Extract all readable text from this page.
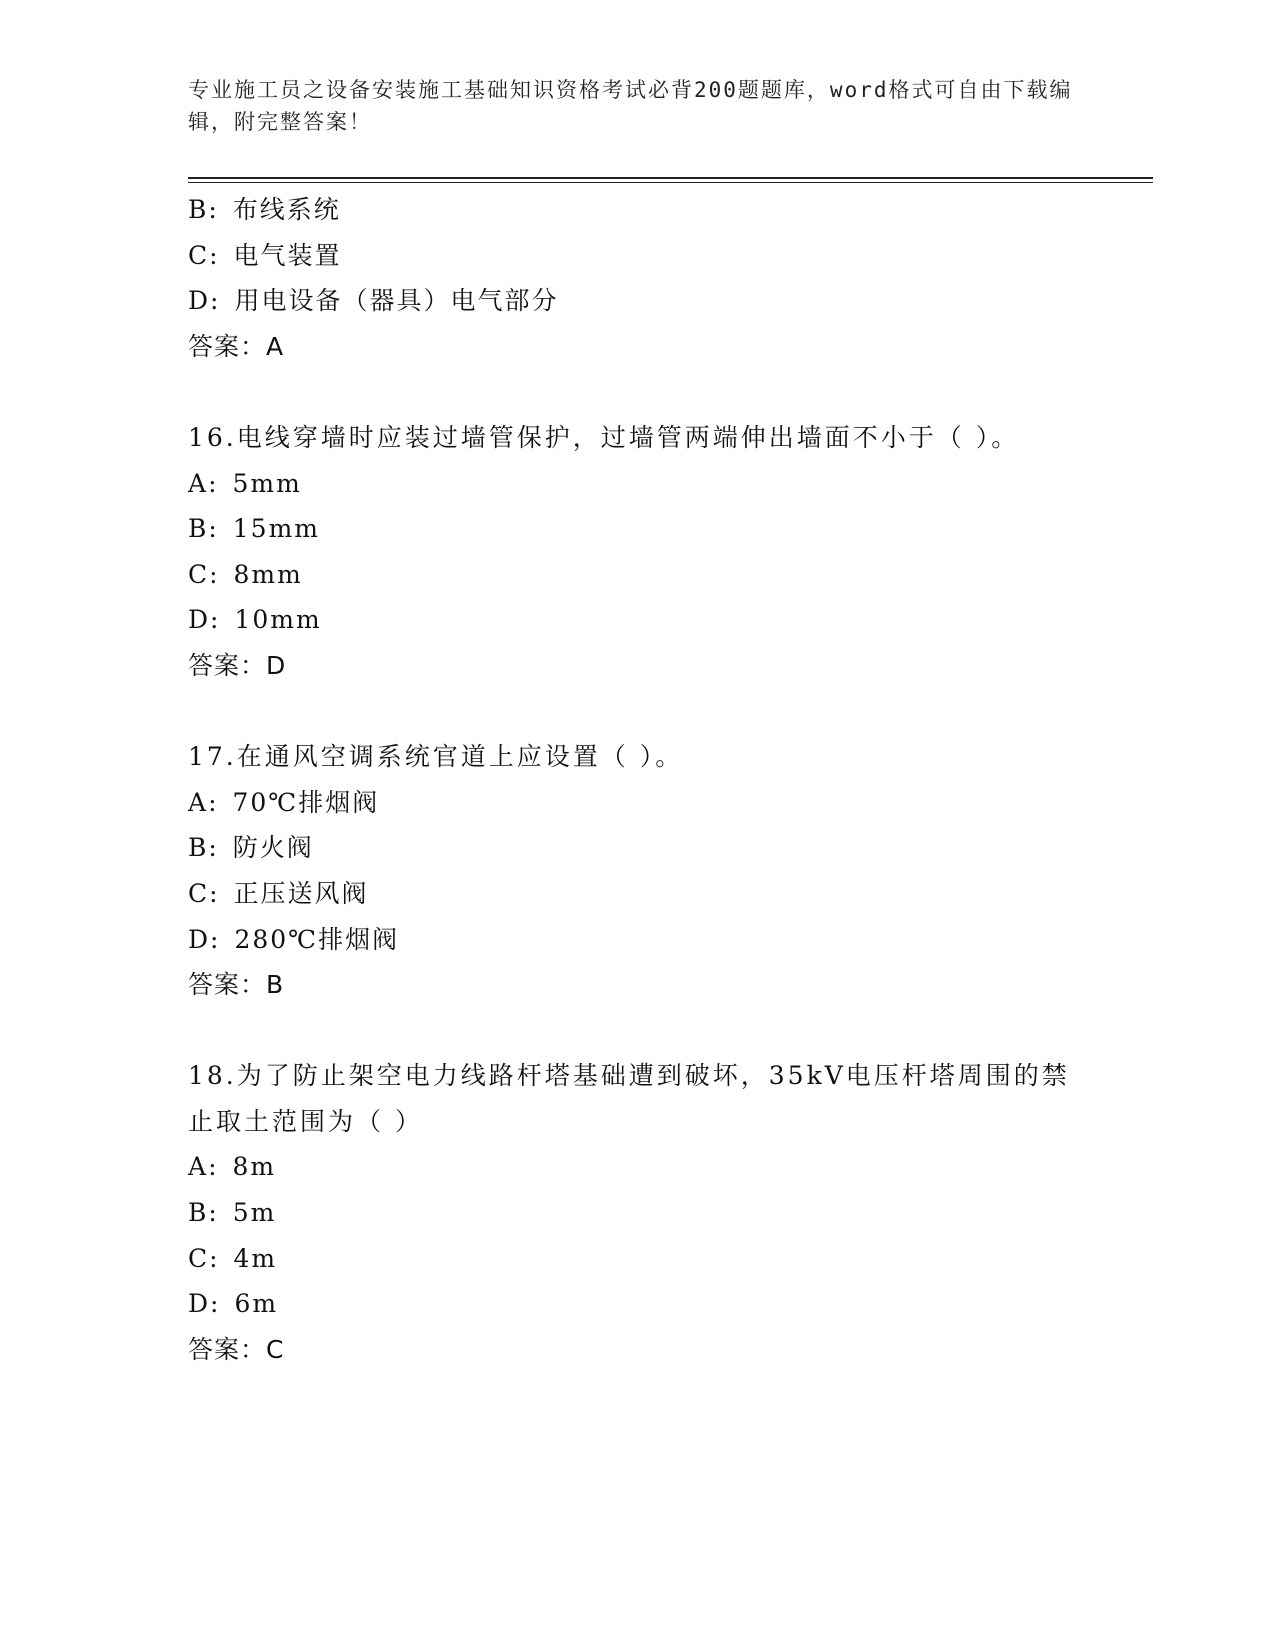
专业施工员之设备安装施工基础知识资格考试必背200题题库，word格式可自由下载编辑，附完整答案！
B: 布线系统
C: 电气装置
D: 用电设备（器具）电气部分
答案：A
16.电线穿墙时应装过墙管保护，过墙管两端伸出墙面不小于（ ）。
A: 5mm
B: 15mm
C: 8mm
D: 10mm
答案：D
17.在通风空调系统官道上应设置（ ）。
A: 70℃排烟阀
B: 防火阀
C: 正压送风阀
D: 280℃排烟阀
答案：B
18.为了防止架空电力线路杆塔基础遭到破坏，35kV电压杆塔周围的禁止取土范围为（ ）
A: 8m
B: 5m
C: 4m
D: 6m
答案：C
